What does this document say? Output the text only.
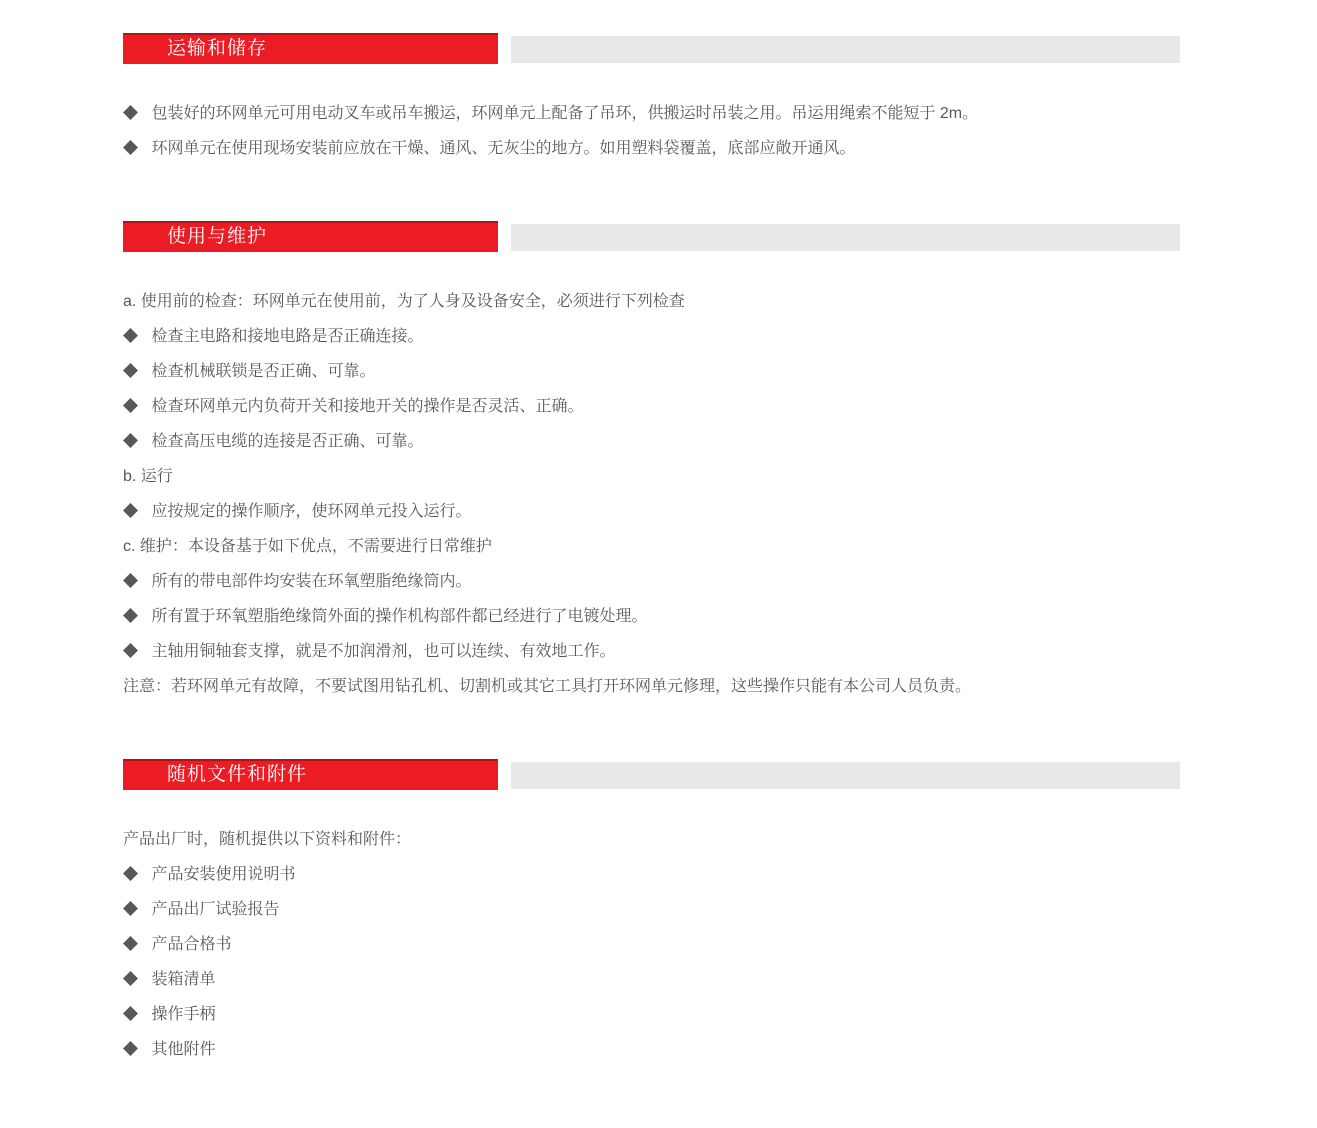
运输和储存

包装好的环网单元可用电动叉车或吊车搬运，环网单元上配备了吊环，供搬运时吊装之用。吊运用绳索不能短于 2m。

环网单元在使用现场安装前应放在干燥、通风、无灰尘的地方。如用塑料袋覆盖，底部应敞开通风。

使用与维护

a. 使用前的检查：环网单元在使用前，为了人身及设备安全，必须进行下列检查

检查主电路和接地电路是否正确连接。

检查机械联锁是否正确、可靠。

检查环网单元内负荷开关和接地开关的操作是否灵活、正确。

检查高压电缆的连接是否正确、可靠。

b. 运行

应按规定的操作顺序，使环网单元投入运行。

c. 维护：本设备基于如下优点，不需要进行日常维护

所有的带电部件均安装在环氧塑脂绝缘筒内。

所有置于环氧塑脂绝缘筒外面的操作机构部件都已经进行了电镀处理。

主轴用铜轴套支撑，就是不加润滑剂，也可以连续、有效地工作。

注意：若环网单元有故障，不要试图用钻孔机、切割机或其它工具打开环网单元修理，这些操作只能有本公司人员负责。

随机文件和附件

产品出厂时，随机提供以下资料和附件：

产品安装使用说明书

产品出厂试验报告

产品合格书

装箱清单

操作手柄

其他附件
